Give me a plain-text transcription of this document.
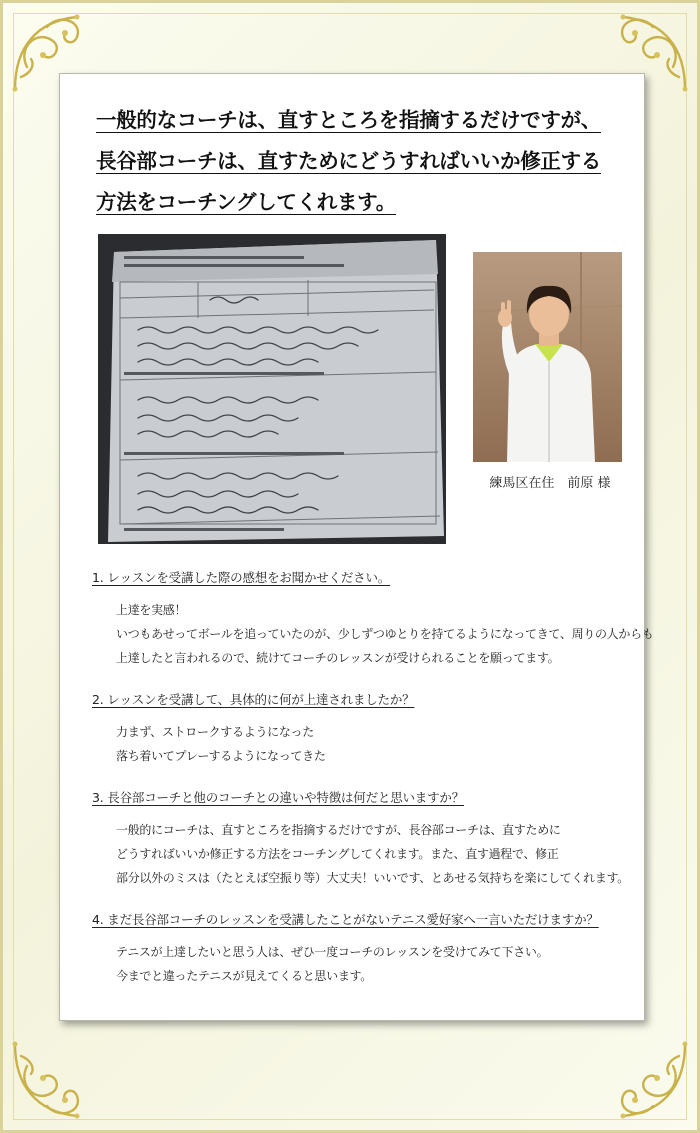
一般的なコーチは、直すところを指摘するだけですが、
長谷部コーチは、直すためにどうすればいいか修正する
方法をコーチングしてくれます。

練馬区在住　前原 様

1. レッスンを受講した際の感想をお聞かせください。

上達を実感！
いつもあせってボールを追っていたのが、少しずつゆとりを持てるようになってきて、周りの人からも
上達したと言われるので、続けてコーチのレッスンが受けられることを願ってます。

2. レッスンを受講して、具体的に何が上達されましたか？

力まず、ストロークするようになった
落ち着いてプレーするようになってきた

3. 長谷部コーチと他のコーチとの違いや特徴は何だと思いますか？

一般的にコーチは、直すところを指摘するだけですが、長谷部コーチは、直すために
どうすればいいか修正する方法をコーチングしてくれます。また、直す過程で、修正
部分以外のミスは（たとえば空振り等）大丈夫！いいです、とあせる気持ちを楽にしてくれます。

4. まだ長谷部コーチのレッスンを受講したことがないテニス愛好家へ一言いただけますか？

テニスが上達したいと思う人は、ぜひ一度コーチのレッスンを受けてみて下さい。
今までと違ったテニスが見えてくると思います。
